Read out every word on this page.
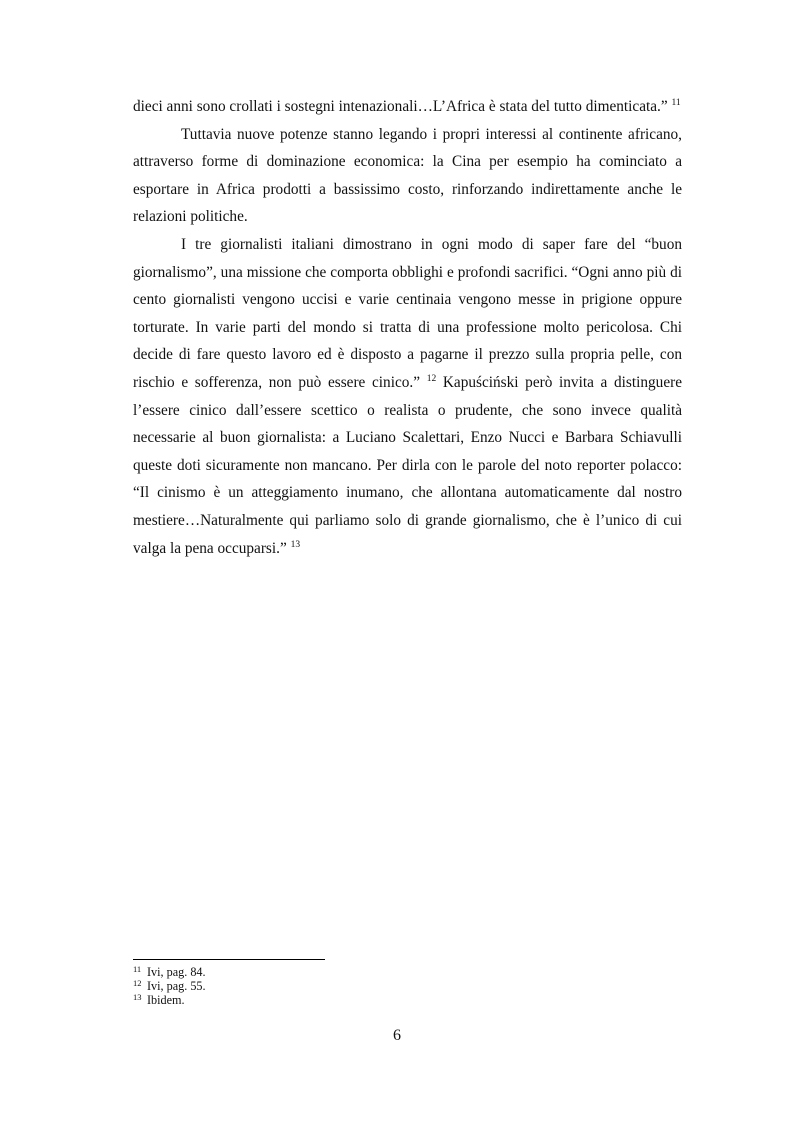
dieci anni sono crollati i sostegni intenazionali…L’Africa è stata del tutto dimenticata.” $^{11}$

Tuttavia nuove potenze stanno legando i propri interessi al continente africano, attraverso forme di dominazione economica: la Cina per esempio ha cominciato a esportare in Africa prodotti a bassissimo costo, rinforzando indirettamente anche le relazioni politiche.

I tre giornalisti italiani dimostrano in ogni modo di saper fare del “buon giornalismo”, una missione che comporta obblighi e profondi sacrifici. “Ogni anno più di cento giornalisti vengono uccisi e varie centinaia vengono messe in prigione oppure torturate. In varie parti del mondo si tratta di una professione molto pericolosa. Chi decide di fare questo lavoro ed è disposto a pagarne il prezzo sulla propria pelle, con rischio e sofferenza, non può essere cinico.” $^{12}$ Kapuściński però invita a distinguere l’essere cinico dall’essere scettico o realista o prudente, che sono invece qualità necessarie al buon giornalista: a Luciano Scalettari, Enzo Nucci e Barbara Schiavulli queste doti sicuramente non mancano. Per dirla con le parole del noto reporter polacco: “Il cinismo è un atteggiamento inumano, che allontana automaticamente dal nostro mestiere…Naturalmente qui parliamo solo di grande giornalismo, che è l’unico di cui valga la pena occuparsi.” $^{13}$

11 Ivi, pag. 84.
12 Ivi, pag. 55.
13 Ibidem.
6
